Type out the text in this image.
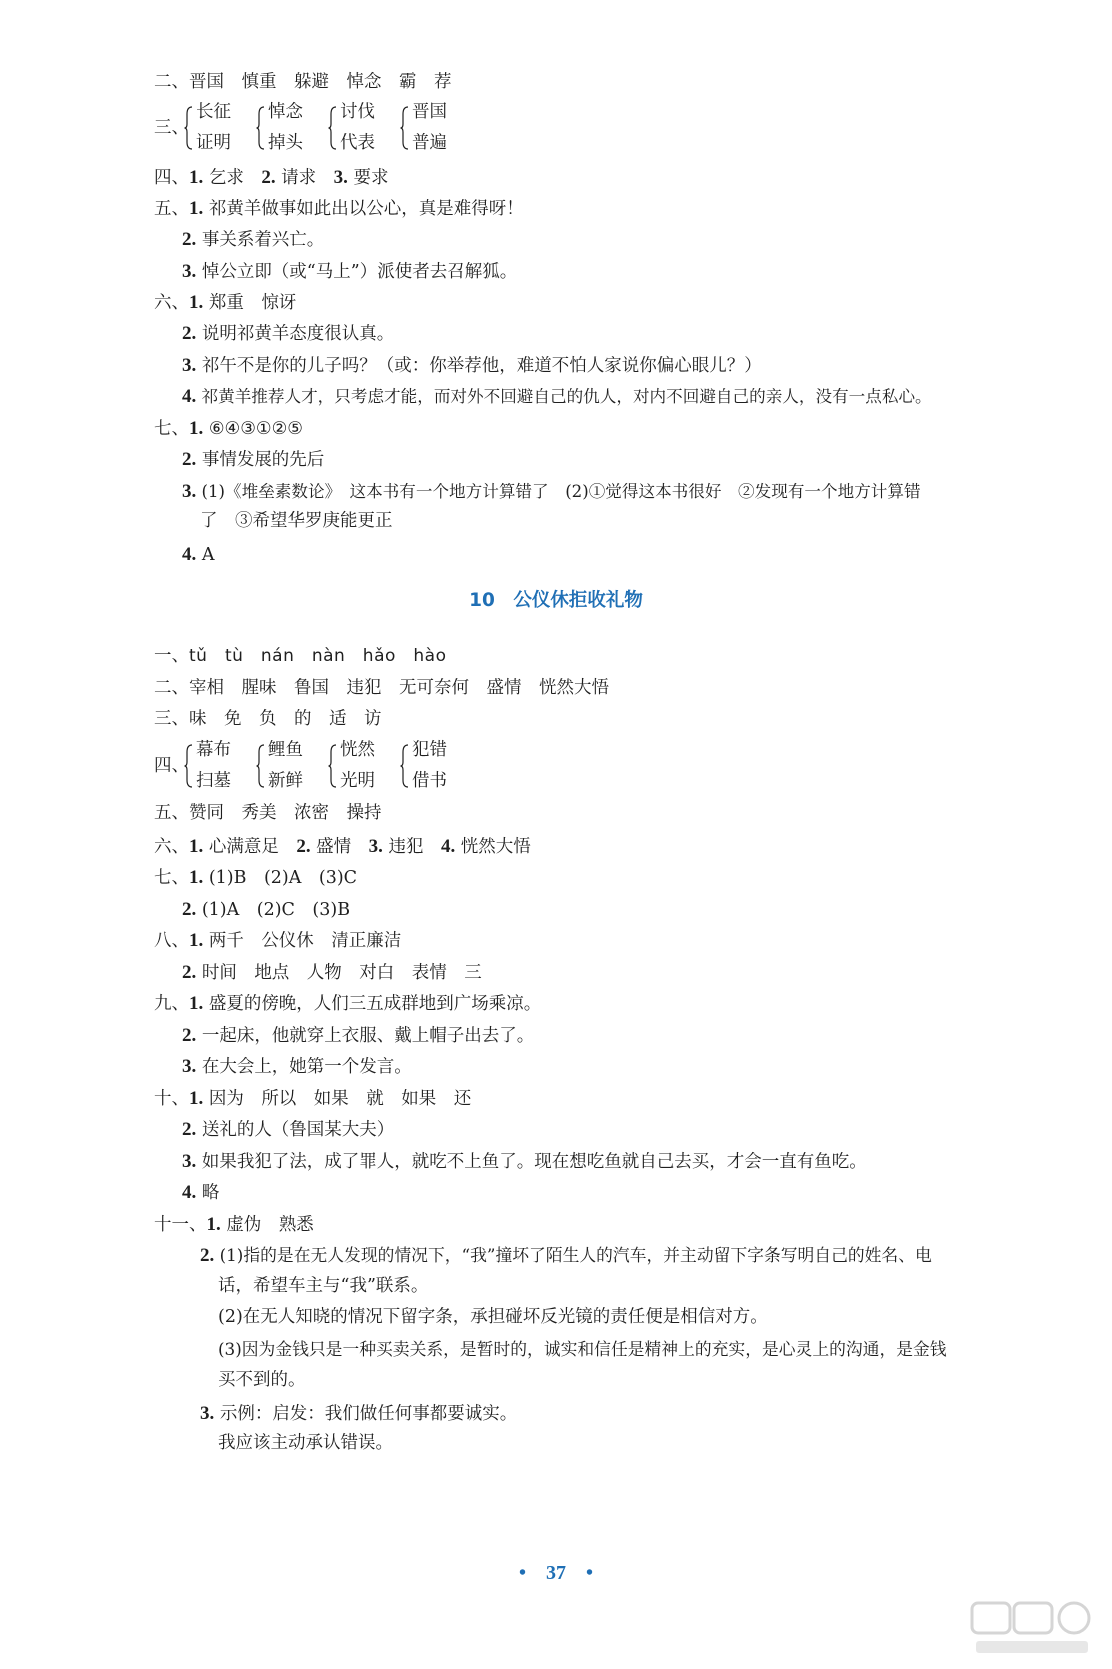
二、晋国　慎重　躲避　悼念　霸　荐
三、
长征
证明
悼念
掉头
讨伐
代表
晋国
普遍
四、1. 乞求　2. 请求　3. 要求
五、1. 祁黄羊做事如此出以公心，真是难得呀！
2. 事关系着兴亡。
3. 悼公立即（或“马上”）派使者去召解狐。
六、1. 郑重　惊讶
2. 说明祁黄羊态度很认真。
3. 祁午不是你的儿子吗？（或：你举荐他，难道不怕人家说你偏心眼儿？）
4. 祁黄羊推荐人才，只考虑才能，而对外不回避自己的仇人，对内不回避自己的亲人，没有一点私心。
七、1. ⑥④③①②⑤
2. 事情发展的先后
3. (1)《堆垒素数论》　这本书有一个地方计算错了　(2)①觉得这本书很好　②发现有一个地方计算错
了　③希望华罗庚能更正
4. A
10　 公仪休拒收礼物
一、tǔ　tù　nán　nàn　hǎo　hào
二、宰相　腥味　鲁国　违犯　无可奈何　盛情　恍然大悟
三、味　免　负　的　适　访
四、
幕布
扫墓
鲤鱼
新鲜
恍然
光明
犯错
借书
五、赞同　秀美　浓密　操持
六、1. 心满意足　2. 盛情　3. 违犯　4. 恍然大悟
七、1. (1)B　(2)A　(3)C
2. (1)A　(2)C　(3)B
八、1. 两千　公仪休　清正廉洁
2. 时间　地点　人物　对白　表情　三
九、1. 盛夏的傍晚，人们三五成群地到广场乘凉。
2. 一起床，他就穿上衣服、戴上帽子出去了。
3. 在大会上，她第一个发言。
十、1. 因为　所以　如果　就　如果　还
2. 送礼的人（鲁国某大夫）
3. 如果我犯了法，成了罪人，就吃不上鱼了。现在想吃鱼就自己去买，才会一直有鱼吃。
4. 略
十一、1. 虚伪　熟悉
2. (1)指的是在无人发现的情况下，“我”撞坏了陌生人的汽车，并主动留下字条写明自己的姓名、电
话，希望车主与“我”联系。
(2)在无人知晓的情况下留字条，承担碰坏反光镜的责任便是相信对方。
(3)因为金钱只是一种买卖关系，是暂时的，诚实和信任是精神上的充实，是心灵上的沟通，是金钱
买不到的。
3. 示例：启发：我们做任何事都要诚实。
我应该主动承认错误。
•  37  •
